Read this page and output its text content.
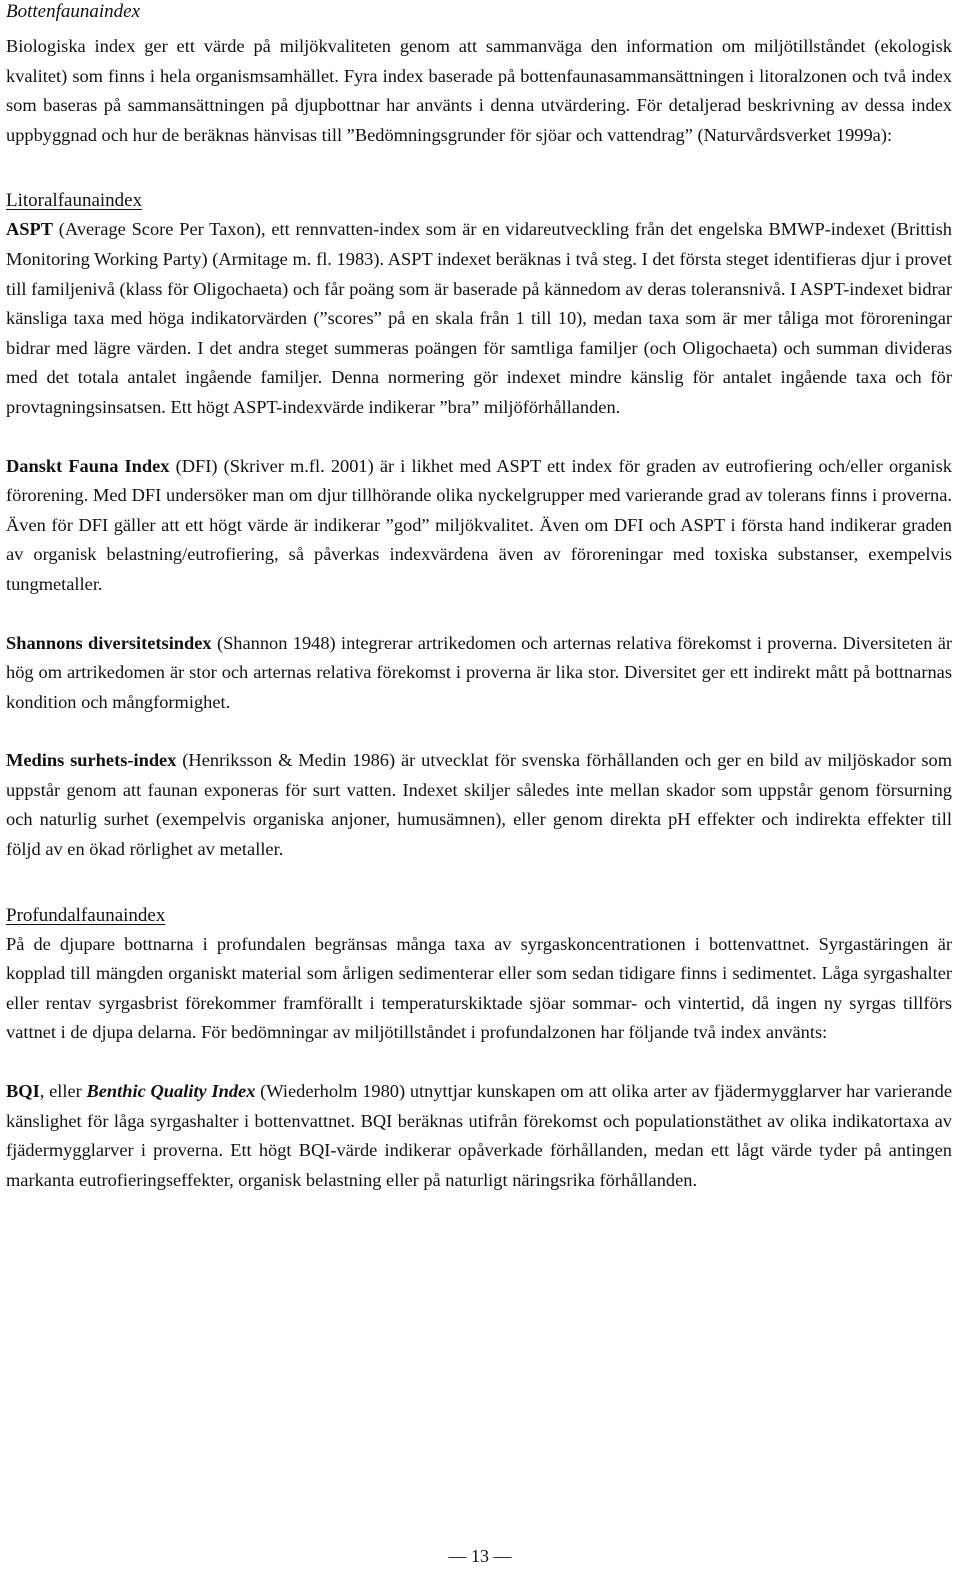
Bottenfaunaindex

Biologiska index ger ett värde på miljökvaliteten genom att sammanväga den information om miljötillståndet (ekologisk kvalitet) som finns i hela organismsamhället. Fyra index baserade på bottenfaunasammansättningen i litoralzonen och två index som baseras på sammansättningen på djupbottnar har använts i denna utvärdering. För detaljerad beskrivning av dessa index uppbyggnad och hur de beräknas hänvisas till ”Bedömningsgrunder för sjöar och vattendrag” (Naturvårdsverket 1999a):

Litoralfaunaindex

ASPT (Average Score Per Taxon), ett rennvatten-index som är en vidareutveckling från det engelska BMWP-indexet (Brittish Monitoring Working Party) (Armitage m. fl. 1983). ASPT indexet beräknas i två steg. I det första steget identifieras djur i provet till familjenivå (klass för Oligochaeta) och får poäng som är baserade på kännedom av deras toleransnivå. I ASPT-indexet bidrar känsliga taxa med höga indikatorvärden (”scores” på en skala från 1 till 10), medan taxa som är mer tåliga mot föroreningar bidrar med lägre värden. I det andra steget summeras poängen för samtliga familjer (och Oligochaeta) och summan divideras med det totala antalet ingående familjer. Denna normering gör indexet mindre känslig för antalet ingående taxa och för provtagningsinsatsen. Ett högt ASPT-indexvärde indikerar ”bra” miljöförhållanden.

Danskt Fauna Index (DFI) (Skriver m.fl. 2001) är i likhet med ASPT ett index för graden av eutrofiering och/eller organisk förorening. Med DFI undersöker man om djur tillhörande olika nyckelgrupper med varierande grad av tolerans finns i proverna. Även för DFI gäller att ett högt värde är indikerar ”god” miljökvalitet. Även om DFI och ASPT i första hand indikerar graden av organisk belastning/eutrofiering, så påverkas indexvärdena även av föroreningar med toxiska substanser, exempelvis tungmetaller.

Shannons diversitetsindex (Shannon 1948) integrerar artrikedomen och arternas relativa förekomst i proverna. Diversiteten är hög om artrikedomen är stor och arternas relativa förekomst i proverna är lika stor. Diversitet ger ett indirekt mått på bottnarnas kondition och mångformighet.

Medins surhets-index (Henriksson & Medin 1986) är utvecklat för svenska förhållanden och ger en bild av miljöskador som uppstår genom att faunan exponeras för surt vatten. Indexet skiljer således inte mellan skador som uppstår genom försurning och naturlig surhet (exempelvis organiska anjoner, humusämnen), eller genom direkta pH effekter och indirekta effekter till följd av en ökad rörlighet av metaller.

Profundalfaunaindex

På de djupare bottnarna i profundalen begränsas många taxa av syrgaskoncentrationen i bottenvattnet. Syrgastäringen är kopplad till mängden organiskt material som årligen sedimenterar eller som sedan tidigare finns i sedimentet. Låga syrgashalter eller rentav syrgasbrist förekommer framförallt i temperaturskiktade sjöar sommar- och vintertid, då ingen ny syrgas tillförs vattnet i de djupa delarna. För bedömningar av miljötillståndet i profundalzonen har följande två index använts:

BQI, eller Benthic Quality Index (Wiederholm 1980) utnyttjar kunskapen om att olika arter av fjädermygglarver har varierande känslighet för låga syrgashalter i bottenvattnet. BQI beräknas utifrån förekomst och populationstäthet av olika indikatortaxa av fjädermygglarver i proverna. Ett högt BQI-värde indikerar opåverkade förhållanden, medan ett lågt värde tyder på antingen markanta eutrofieringseffekter, organisk belastning eller på naturligt näringsrika förhållanden.

— 13 —
